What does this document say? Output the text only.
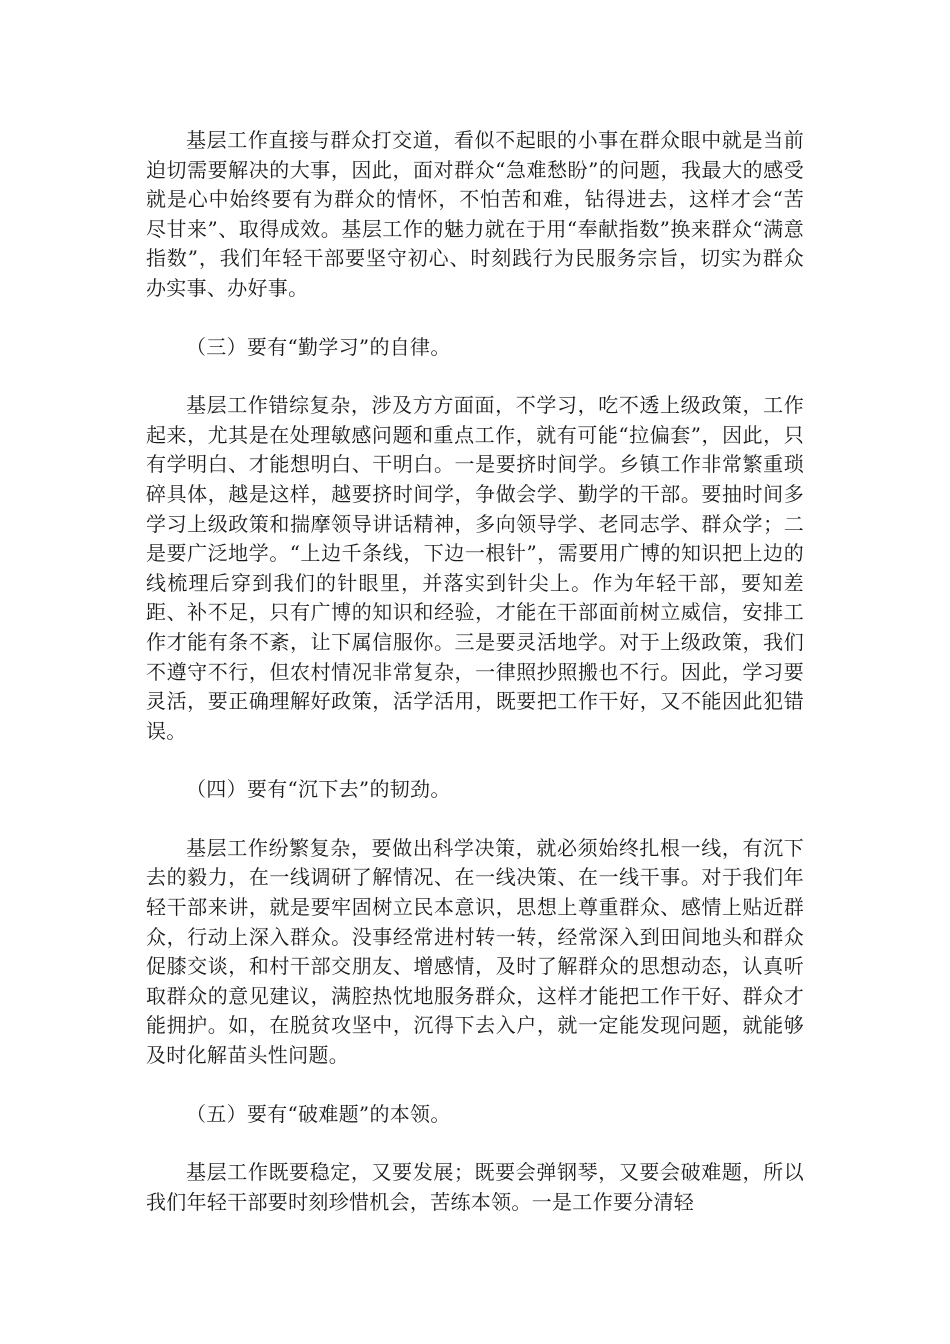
基层工作直接与群众打交道，看似不起眼的小事在群众眼中就是当前迫切需要解决的大事，因此，面对群众“急难愁盼”的问题，我最大的感受就是心中始终要有为群众的情怀，不怕苦和难，钻得进去，这样才会“苦尽甘来”、取得成效。基层工作的魅力就在于用“奉献指数”换来群众“满意指数”，我们年轻干部要坚守初心、时刻践行为民服务宗旨，切实为群众办实事、办好事。

（三）要有“勤学习”的自律。

基层工作错综复杂，涉及方方面面，不学习，吃不透上级政策，工作起来，尤其是在处理敏感问题和重点工作，就有可能“拉偏套”，因此，只有学明白、才能想明白、干明白。一是要挤时间学。乡镇工作非常繁重琐碎具体，越是这样，越要挤时间学，争做会学、勤学的干部。要抽时间多学习上级政策和揣摩领导讲话精神，多向领导学、老同志学、群众学；二是要广泛地学。“上边千条线，下边一根针”，需要用广博的知识把上边的线梳理后穿到我们的针眼里，并落实到针尖上。作为年轻干部，要知差距、补不足，只有广博的知识和经验，才能在干部面前树立威信，安排工作才能有条不紊，让下属信服你。三是要灵活地学。对于上级政策，我们不遵守不行，但农村情况非常复杂，一律照抄照搬也不行。因此，学习要灵活，要正确理解好政策，活学活用，既要把工作干好，又不能因此犯错误。

（四）要有“沉下去”的韧劲。

基层工作纷繁复杂，要做出科学决策，就必须始终扎根一线，有沉下去的毅力，在一线调研了解情况、在一线决策、在一线干事。对于我们年轻干部来讲，就是要牢固树立民本意识，思想上尊重群众、感情上贴近群众，行动上深入群众。没事经常进村转一转，经常深入到田间地头和群众促膝交谈，和村干部交朋友、增感情，及时了解群众的思想动态，认真听取群众的意见建议，满腔热忱地服务群众，这样才能把工作干好、群众才能拥护。如，在脱贫攻坚中，沉得下去入户，就一定能发现问题，就能够及时化解苗头性问题。

（五）要有“破难题”的本领。

基层工作既要稳定，又要发展；既要会弹钢琴，又要会破难题，所以我们年轻干部要时刻珍惜机会，苦练本领。一是工作要分清轻
